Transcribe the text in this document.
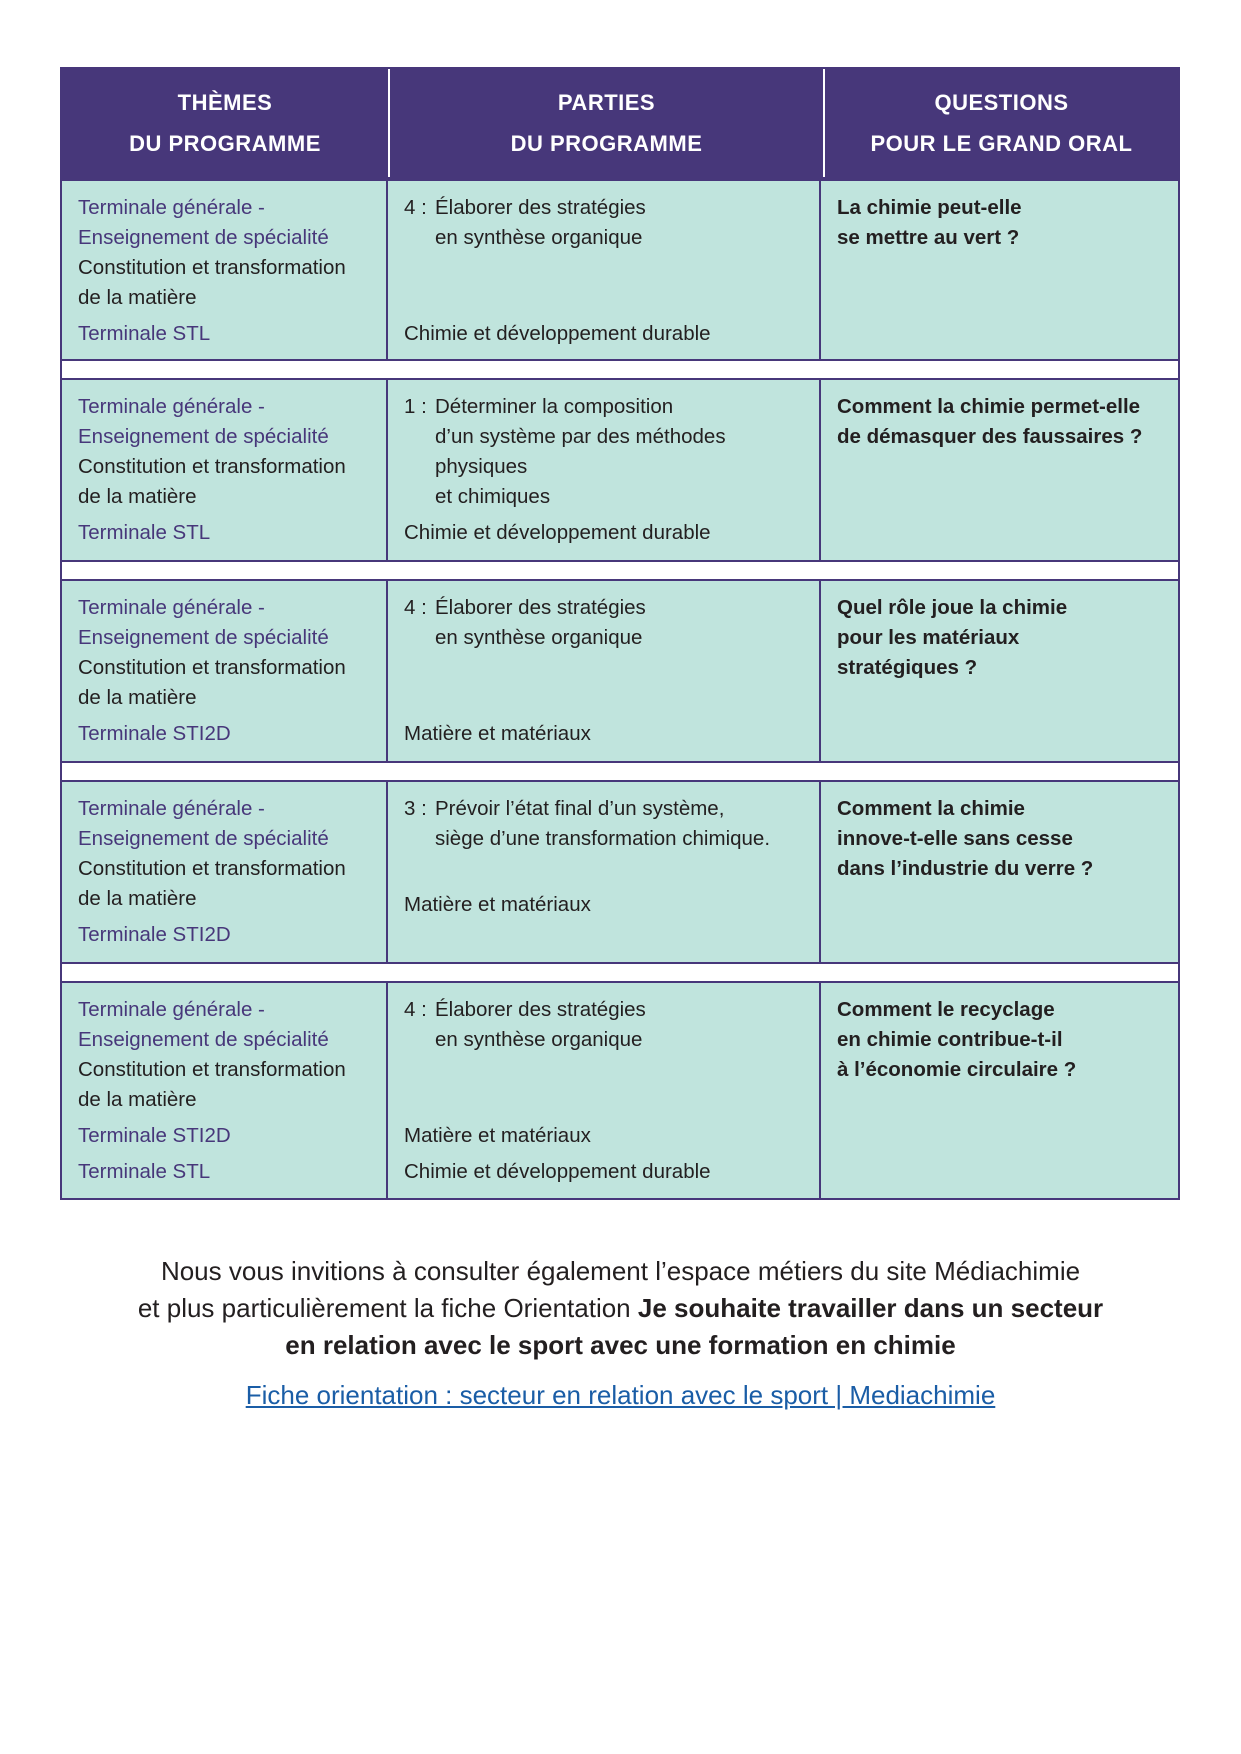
THÈMES
DU PROGRAMME
PARTIES
DU PROGRAMME
QUESTIONS
POUR LE GRAND ORAL
Terminale générale -
Enseignement de spécialité
Constitution et transformation
de la matière
Terminale STL
4 : Élaborer des stratégies
en synthèse organique
Chimie et développement durable
La chimie peut-elle
se mettre au vert ?
Terminale générale -
Enseignement de spécialité
Constitution et transformation
de la matière
Terminale STL
1 : Déterminer la composition
d’un système par des méthodes
physiques
et chimiques
Chimie et développement durable
Comment la chimie permet-elle
de démasquer des faussaires ?
Terminale générale -
Enseignement de spécialité
Constitution et transformation
de la matière
Terminale STI2D
4 : Élaborer des stratégies
en synthèse organique
Matière et matériaux
Quel rôle joue la chimie
pour les matériaux
stratégiques ?
Terminale générale -
Enseignement de spécialité
Constitution et transformation
de la matière
Terminale STI2D
3 : Prévoir l’état final d’un système,
siège d’une transformation chimique.
Matière et matériaux
Comment la chimie
innove-t-elle sans cesse
dans l’industrie du verre ?
Terminale générale -
Enseignement de spécialité
Constitution et transformation
de la matière
Terminale STI2D
Terminale STL
4 : Élaborer des stratégies
en synthèse organique
Matière et matériaux
Chimie et développement durable
Comment le recyclage
en chimie contribue-t-il
à l’économie circulaire ?
Nous vous invitions à consulter également l’espace métiers du site Médiachimie
et plus particulièrement la fiche Orientation Je souhaite travailler dans un secteur
en relation avec le sport avec une formation en chimie
Fiche orientation : secteur en relation avec le sport | Mediachimie
